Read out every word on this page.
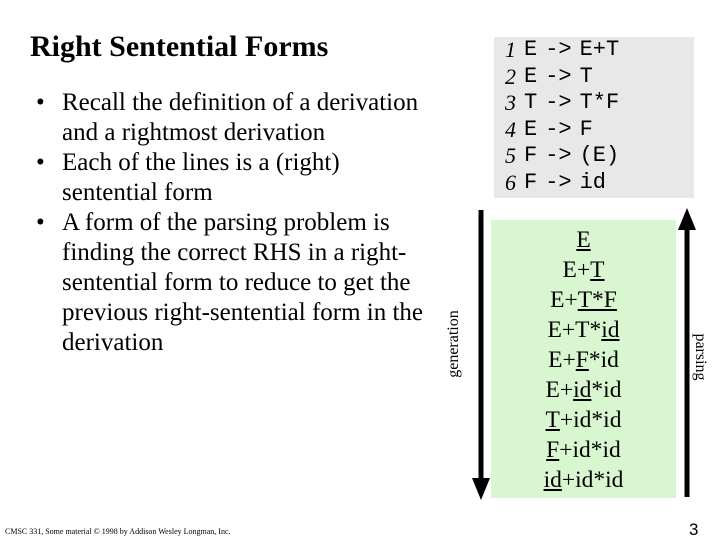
Right Sentential Forms
• Recall the definition of a derivation and a rightmost derivation
• Each of the lines is a (right) sentential form
• A form of the parsing problem is finding the correct RHS in a right-sentential form to reduce to get the previous right-sentential form in the derivation
1 E -> E+T
2 E -> T
3 T -> T*F
4 E -> F
5 F -> (E)
6 F -> id
E
E+T
E+T*F
E+T*id
E+F*id
E+id*id
T+id*id
F+id*id
id+id*id
generation	parsing
CMSC 331, Some material © 1998 by Addison Wesley Longman, Inc.	3
